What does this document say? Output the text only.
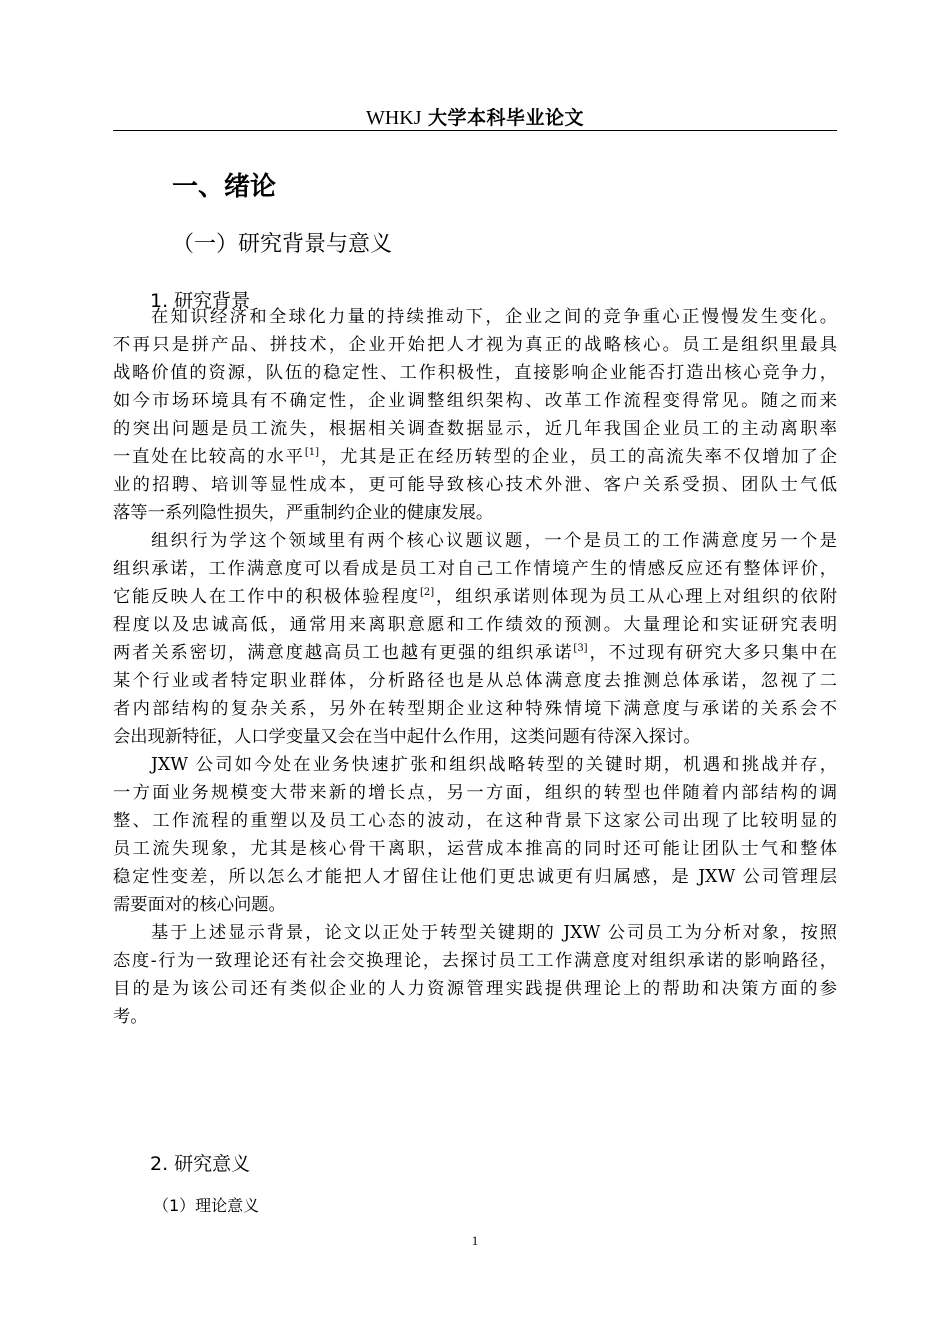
WHKJ 大学本科毕业论文
一、绪论
（一）研究背景与意义
1. 研究背景
在知识经济和全球化力量的持续推动下，企业之间的竞争重心正慢慢发生变化。
不再只是拼产品、拼技术，企业开始把人才视为真正的战略核心。员工是组织里最具
战略价值的资源，队伍的稳定性、工作积极性，直接影响企业能否打造出核心竞争力，
如今市场环境具有不确定性，企业调整组织架构、改革工作流程变得常见。随之而来
的突出问题是员工流失，根据相关调查数据显示，近几年我国企业员工的主动离职率
一直处在比较高的水平[1]，尤其是正在经历转型的企业，员工的高流失率不仅增加了企
业的招聘、培训等显性成本，更可能导致核心技术外泄、客户关系受损、团队士气低
落等一系列隐性损失，严重制约企业的健康发展。
组织行为学这个领域里有两个核心议题议题，一个是员工的工作满意度另一个是
组织承诺，工作满意度可以看成是员工对自己工作情境产生的情感反应还有整体评价，
它能反映人在工作中的积极体验程度[2]，组织承诺则体现为员工从心理上对组织的依附
程度以及忠诚高低，通常用来离职意愿和工作绩效的预测。大量理论和实证研究表明
两者关系密切，满意度越高员工也越有更强的组织承诺[3]，不过现有研究大多只集中在
某个行业或者特定职业群体，分析路径也是从总体满意度去推测总体承诺，忽视了二
者内部结构的复杂关系，另外在转型期企业这种特殊情境下满意度与承诺的关系会不
会出现新特征，人口学变量又会在当中起什么作用，这类问题有待深入探讨。
JXW 公司如今处在业务快速扩张和组织战略转型的关键时期，机遇和挑战并存，
一方面业务规模变大带来新的增长点，另一方面，组织的转型也伴随着内部结构的调
整、工作流程的重塑以及员工心态的波动，在这种背景下这家公司出现了比较明显的
员工流失现象，尤其是核心骨干离职，运营成本推高的同时还可能让团队士气和整体
稳定性变差，所以怎么才能把人才留住让他们更忠诚更有归属感，是 JXW 公司管理层
需要面对的核心问题。
基于上述显示背景，论文以正处于转型关键期的 JXW 公司员工为分析对象，按照
态度-行为一致理论还有社会交换理论，去探讨员工工作满意度对组织承诺的影响路径，
目的是为该公司还有类似企业的人力资源管理实践提供理论上的帮助和决策方面的参
考。
2. 研究意义
（1）理论意义
1
